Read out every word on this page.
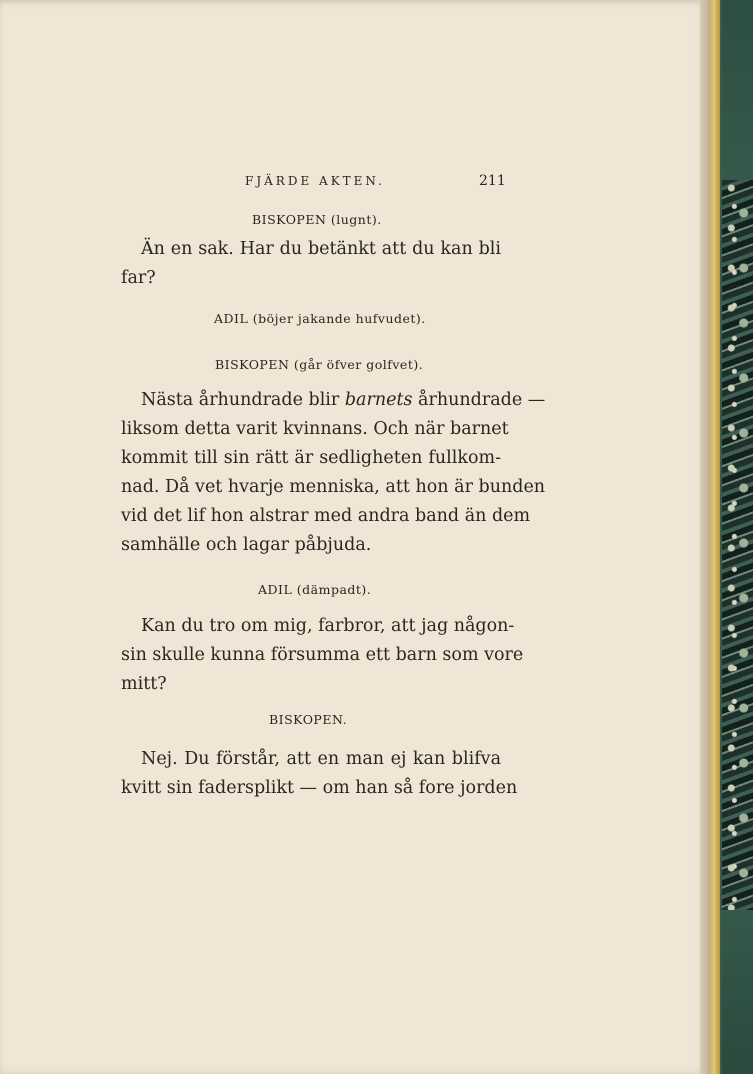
FJÄRDE AKTEN.	211
BISKOPEN (lugnt).
Än en sak. Har du betänkt att du kan bli
far?
ADIL (böjer jakande hufvudet).
BISKOPEN (går öfver golfvet).
Nästa århundrade blir barnets århundrade —
liksom detta varit kvinnans. Och när barnet
kommit till sin rätt är sedligheten fullkom-
nad. Då vet hvarje menniska, att hon är bunden
vid det lif hon alstrar med andra band än dem
samhälle och lagar påbjuda.
ADIL (dämpadt).
Kan du tro om mig, farbror, att jag någon-
sin skulle kunna försumma ett barn som vore
mitt?
BISKOPEN.
Nej. Du förstår, att en man ej kan blifva
kvitt sin fadersplikt — om han så fore jorden
